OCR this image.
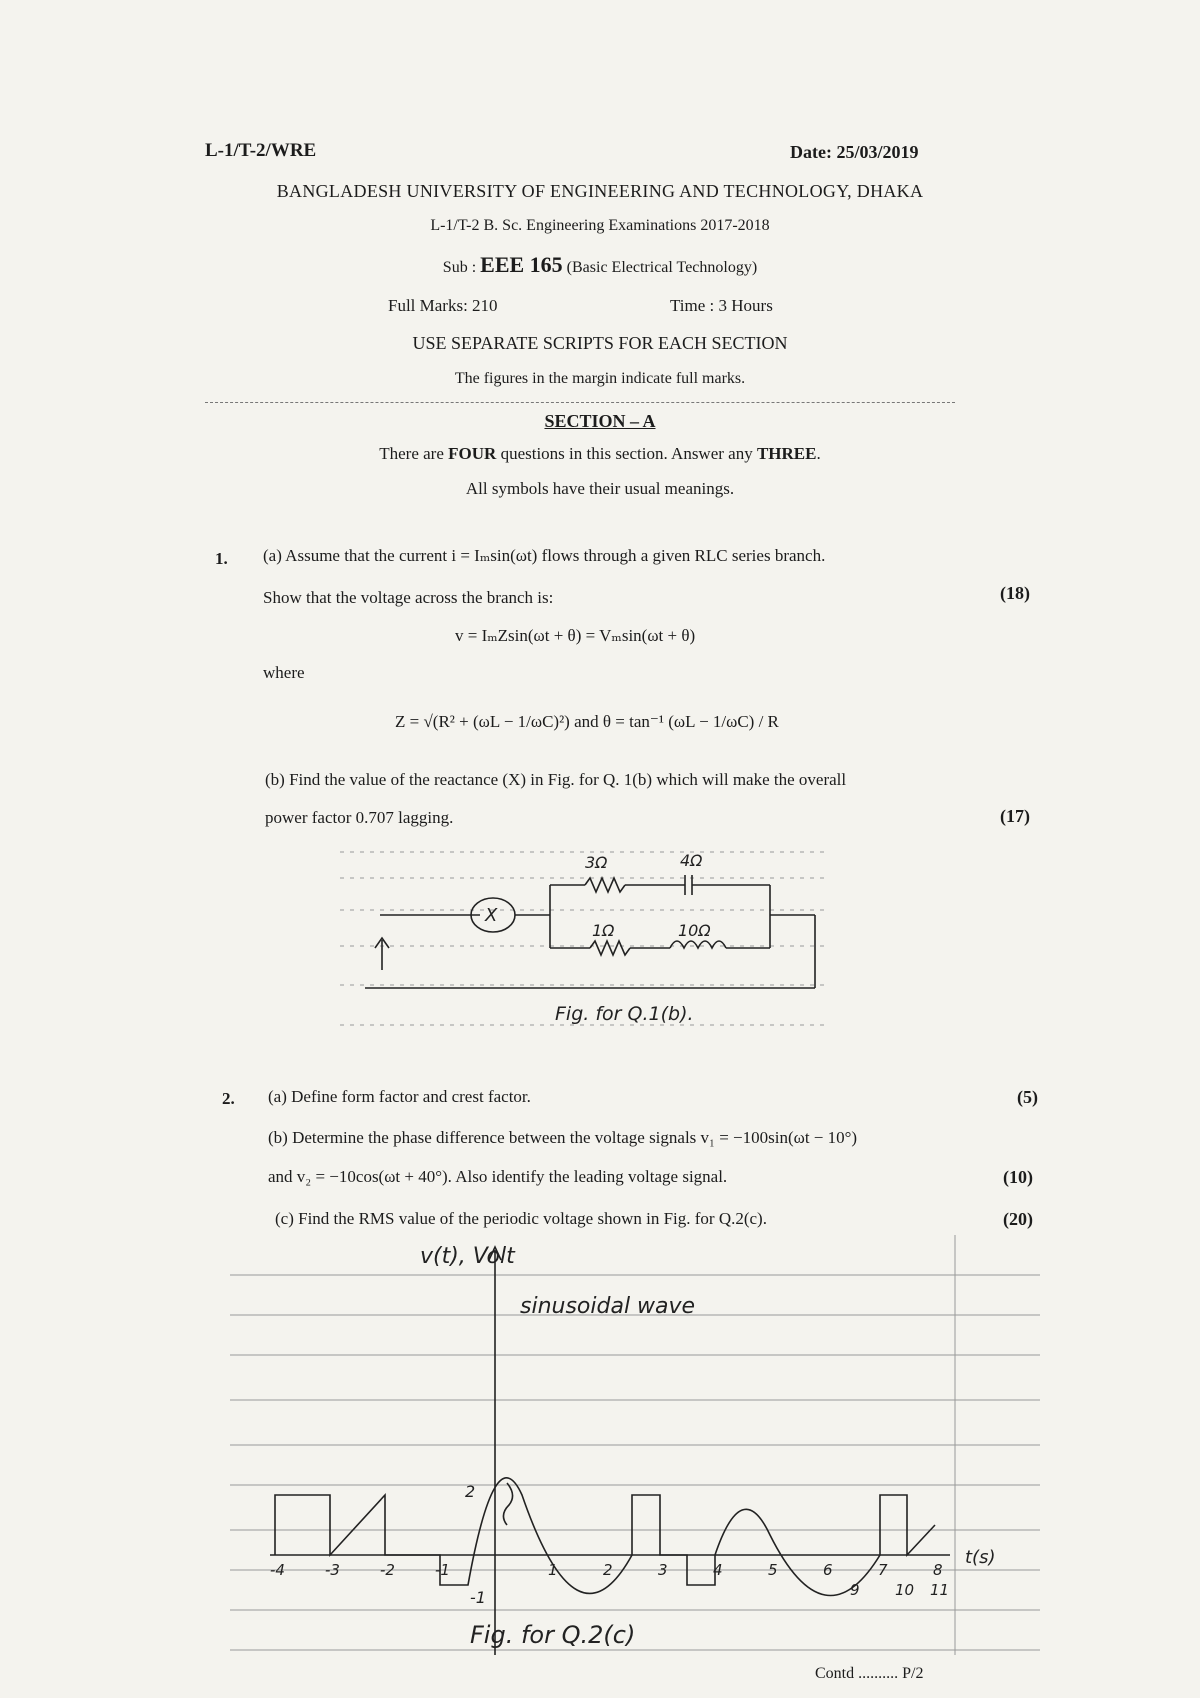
L-1/T-2/WRE	Date: 25/03/2019
BANGLADESH UNIVERSITY OF ENGINEERING AND TECHNOLOGY, DHAKA
L-1/T-2 B. Sc. Engineering Examinations 2017-2018
Sub : EEE 165 (Basic Electrical Technology)
Full Marks: 210	Time : 3 Hours
USE SEPARATE SCRIPTS FOR EACH SECTION
The figures in the margin indicate full marks.
SECTION – A
There are FOUR questions in this section. Answer any THREE.
All symbols have their usual meanings.
1. (a) Assume that the current i = Iₘsin(ωt) flows through a given RLC series branch.
Show that the voltage across the branch is:	(18)
v = IₘZsin(ωt + θ) = Vₘsin(ωt + θ)
where
Z = √(R² + (ωL − 1/ωC)²) and θ = tan⁻¹ (ωL − 1/ωC) / R
(b) Find the value of the reactance (X) in Fig. for Q. 1(b) which will make the overall
power factor 0.707 lagging.	(17)
3Ω	4Ω
X
1Ω	10Ω
Fig. for Q.1(b).
2. (a) Define form factor and crest factor.	(5)
(b) Determine the phase difference between the voltage signals v₁ = −100sin(ωt − 10°)
and v₂ = −10cos(ωt + 40°). Also identify the leading voltage signal.	(10)
(c) Find the RMS value of the periodic voltage shown in Fig. for Q.2(c).	(20)
v(t), Volt
sinusoidal wave
2
-1
t(s)
-4	-3	-2	-1	1	2	3	4	5	6	7	8
9 10 11
Fig. for Q.2(c)
Contd .......... P/2
